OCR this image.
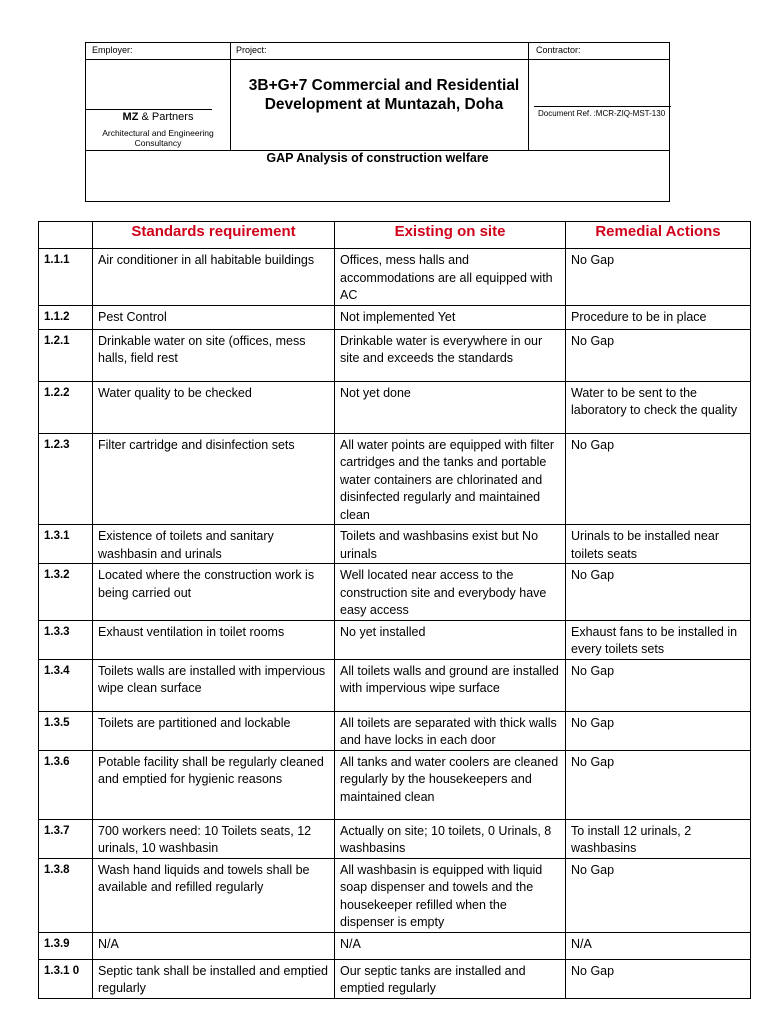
Employer:	Project:	Contractor:
3B+G+7 Commercial and Residential Development at Muntazah, Doha
MZ & Partners
Architectural and Engineering Consultancy
Document Ref. :MCR-ZIQ-MST-130
GAP Analysis of construction welfare
	Standards requirement	Existing on site	Remedial Actions
1.1.1	Air conditioner in all habitable buildings	Offices, mess halls and accommodations are all equipped with AC	No Gap
1.1.2	Pest Control	Not implemented Yet	Procedure to be in place
1.2.1	Drinkable water on site (offices, mess halls, field rest	Drinkable water is everywhere in our site and exceeds the standards	No Gap
1.2.2	Water quality to be checked	Not yet done	Water to be sent to the laboratory to check the quality
1.2.3	Filter cartridge and disinfection sets	All water points are equipped with filter cartridges and the tanks and portable water containers are chlorinated and disinfected regularly and maintained clean	No Gap
1.3.1	Existence of toilets and sanitary washbasin and urinals	Toilets and washbasins exist but No urinals	Urinals to be installed near toilets seats
1.3.2	Located where the construction work is being carried out	Well located near access to the construction site and everybody have easy access	No Gap
1.3.3	Exhaust ventilation in toilet rooms	No yet installed	Exhaust fans to be installed in every toilets sets
1.3.4	Toilets walls are installed with impervious wipe clean surface	All toilets walls and ground are installed with impervious wipe surface	No Gap
1.3.5	Toilets are partitioned and lockable	All toilets are separated with thick walls and have locks in each door	No Gap
1.3.6	Potable facility shall be regularly cleaned and emptied for hygienic reasons	All tanks and water coolers are cleaned regularly by the housekeepers and maintained clean	No Gap
1.3.7	700 workers need: 10 Toilets seats, 12 urinals, 10 washbasin	Actually on site; 10 toilets, 0 Urinals, 8 washbasins	To install 12 urinals, 2 washbasins
1.3.8	Wash hand liquids and towels shall be available and refilled regularly	All washbasin is equipped with liquid soap dispenser and towels and the housekeeper refilled when the dispenser is empty	No Gap
1.3.9	N/A	N/A	N/A
1.3.1 0	Septic tank shall be installed and emptied regularly	Our septic tanks are installed and emptied regularly	No Gap
